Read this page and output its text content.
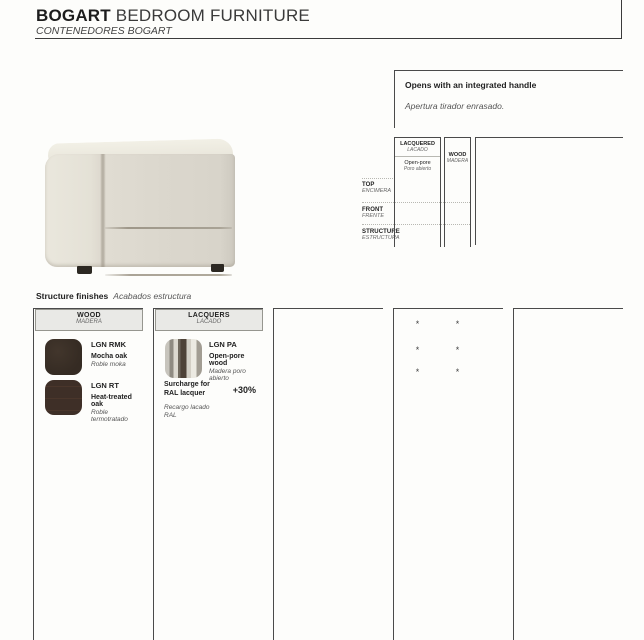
BOGART BEDROOM FURNITURE
CONTENEDORES BOGART
Opens with an integrated handle
Apertura tirador enrasado.
TOP
ENCIMERA
FRONT
FRENTE
STRUCTURE
ESTRUCTURA
LACQUERED
LACADO
Open-pore
Poro abierto
*
*
*
WOOD
MADERA
*
*
*
Structure finishes Acabados estructura
WOOD
MADERA
LGN RMK
Mocha oak
Roble moka
LGN RT
Heat-treated oak
Roble termotratado
LACQUERS
LACADO
LGN PA
Open-pore wood
Madera poro abierto
Surcharge for RAL lacquer	+30%
Recargo lacado RAL
